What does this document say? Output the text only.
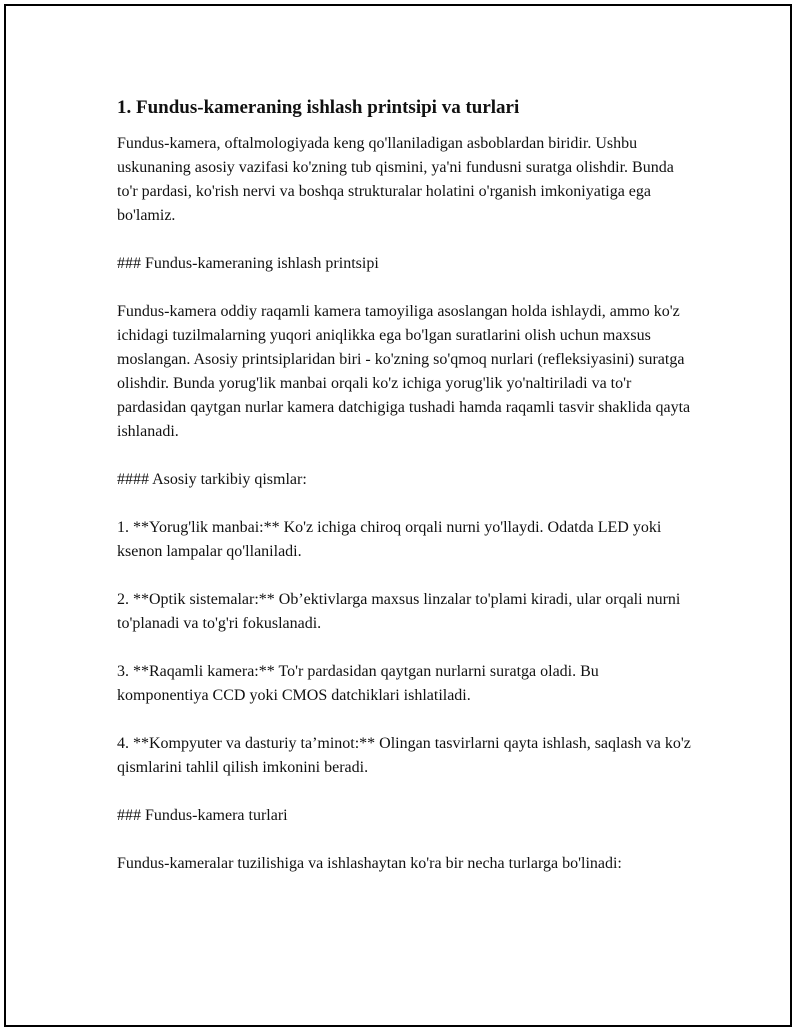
1. Fundus-kameraning ishlash printsipi va turlari

Fundus-kamera, oftalmologiyada keng qo'llaniladigan asboblardan biridir. Ushbu uskunaning asosiy vazifasi ko'zning tub qismini, ya'ni fundusni suratga olishdir. Bunda to'r pardasi, ko'rish nervi va boshqa strukturalar holatini o'rganish imkoniyatiga ega bo'lamiz.

### Fundus-kameraning ishlash printsipi

Fundus-kamera oddiy raqamli kamera tamoyiliga asoslangan holda ishlaydi, ammo ko'z ichidagi tuzilmalarning yuqori aniqlikka ega bo'lgan suratlarini olish uchun maxsus moslangan. Asosiy printsiplaridan biri - ko'zning so'qmoq nurlari (refleksiyasini) suratga olishdir. Bunda yorug'lik manbai orqali ko'z ichiga yorug'lik yo'naltiriladi va to'r pardasidan qaytgan nurlar kamera datchigiga tushadi hamda raqamli tasvir shaklida qayta ishlanadi.

#### Asosiy tarkibiy qismlar:

1. **Yorug'lik manbai:** Ko'z ichiga chiroq orqali nurni yo'llaydi. Odatda LED yoki ksenon lampalar qo'llaniladi.

2. **Optik sistemalar:** Ob’ektivlarga maxsus linzalar to'plami kiradi, ular orqali nurni to'planadi va to'g'ri fokuslanadi.

3. **Raqamli kamera:** To'r pardasidan qaytgan nurlarni suratga oladi. Bu komponentiya CCD yoki CMOS datchiklari ishlatiladi.

4. **Kompyuter va dasturiy ta’minot:** Olingan tasvirlarni qayta ishlash, saqlash va ko'z qismlarini tahlil qilish imkonini beradi.

### Fundus-kamera turlari

Fundus-kameralar tuzilishiga va ishlashaytan ko'ra bir necha turlarga bo'linadi:
